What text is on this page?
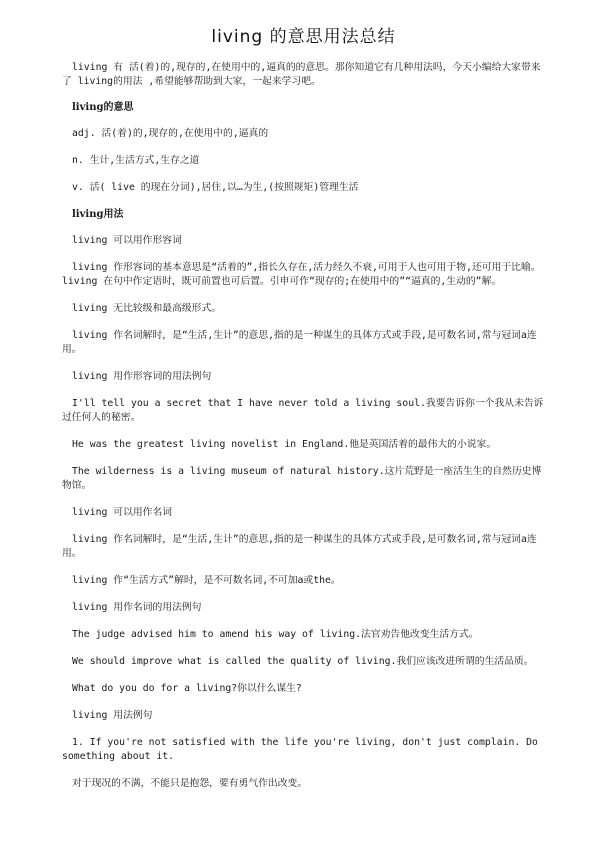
living 的意思用法总结

living 有 活(着)的,现存的,在使用中的,逼真的的意思。那你知道它有几种用法吗，今天小编给大家带来了 living的用法 ,希望能够帮助到大家，一起来学习吧。

living的意思

adj. 活(着)的,现存的,在使用中的,逼真的

n. 生计,生活方式,生存之道

v. 活( live 的现在分词),居住,以…为生,(按照规矩)管理生活

living用法

living 可以用作形容词

living 作形容词的基本意思是“活着的”,指长久存在,活力经久不衰,可用于人也可用于物,还可用于比喻。living 在句中作定语时，既可前置也可后置。引申可作“现存的;在使用中的”“逼真的,生动的”解。

living 无比较级和最高级形式。

living 作名词解时，是“生活,生计”的意思,指的是一种谋生的具体方式或手段,是可数名词,常与冠词a连用。

living 用作形容词的用法例句

I'll tell you a secret that I have never told a living soul.我要告诉你一个我从未告诉过任何人的秘密。

He was the greatest living novelist in England.他是英国活着的最伟大的小说家。

The wilderness is a living museum of natural history.这片荒野是一座活生生的自然历史博物馆。

living 可以用作名词

living 作名词解时，是“生活,生计”的意思,指的是一种谋生的具体方式或手段,是可数名词,常与冠词a连用。

living 作“生活方式”解时，是不可数名词,不可加a或the。

living 用作名词的用法例句

The judge advised him to amend his way of living.法官劝告他改变生活方式。

We should improve what is called the quality of living.我们应该改进所谓的生活品质。

What do you do for a living?你以什么谋生?

living 用法例句

1. If you're not satisfied with the life you're living, don't just complain. Do something about it.

对于现况的不满，不能只是抱怨，要有勇气作出改变。
